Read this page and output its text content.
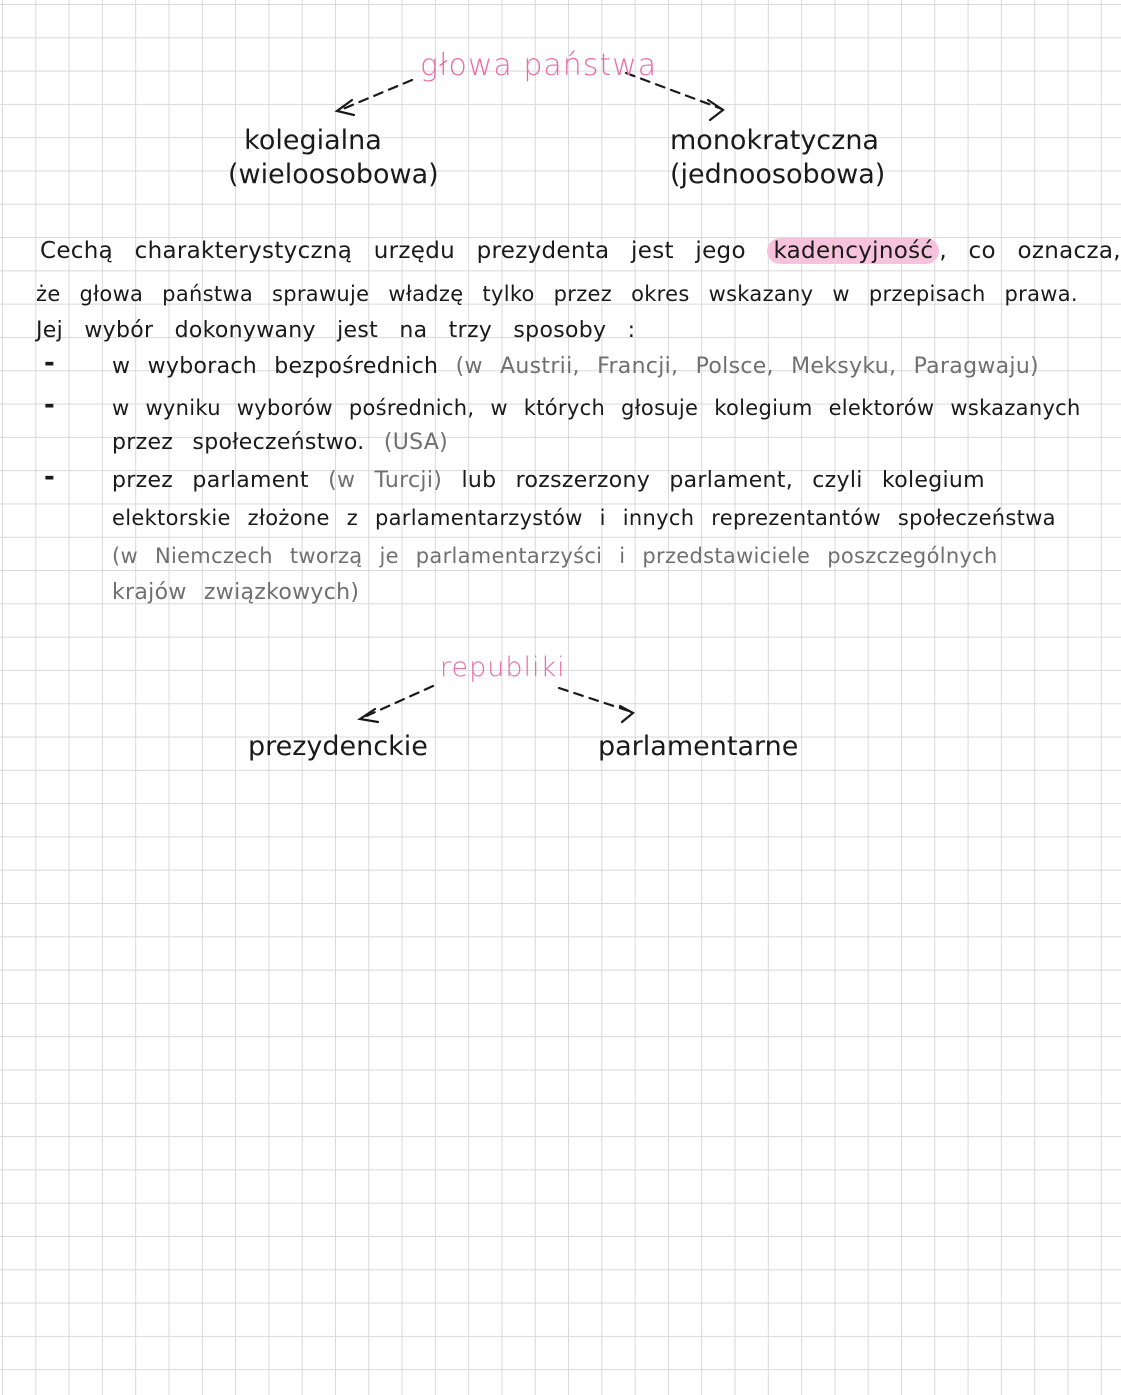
głowa państwa
kolegialna
(wieloosobowa)
monokratyczna
(jednoosobowa)
Cechą charakterystyczną urzędu prezydenta jest jego kadencyjność , co oznacza,
że głowa państwa sprawuje władzę tylko przez okres wskazany w przepisach prawa.
Jej wybór dokonywany jest na trzy sposoby :
-	w wyborach bezpośrednich (w Austrii, Francji, Polsce, Meksyku, Paragwaju)
-	w wyniku wyborów pośrednich, w których głosuje kolegium elektorów wskazanych
przez społeczeństwo. (USA)
-	przez parlament (w Turcji) lub rozszerzony parlament, czyli kolegium
elektorskie złożone z parlamentarzystów i innych reprezentantów społeczeństwa
(w Niemczech tworzą je parlamentarzyści i przedstawiciele poszczególnych
krajów związkowych)
republiki
prezydenckie	parlamentarne
